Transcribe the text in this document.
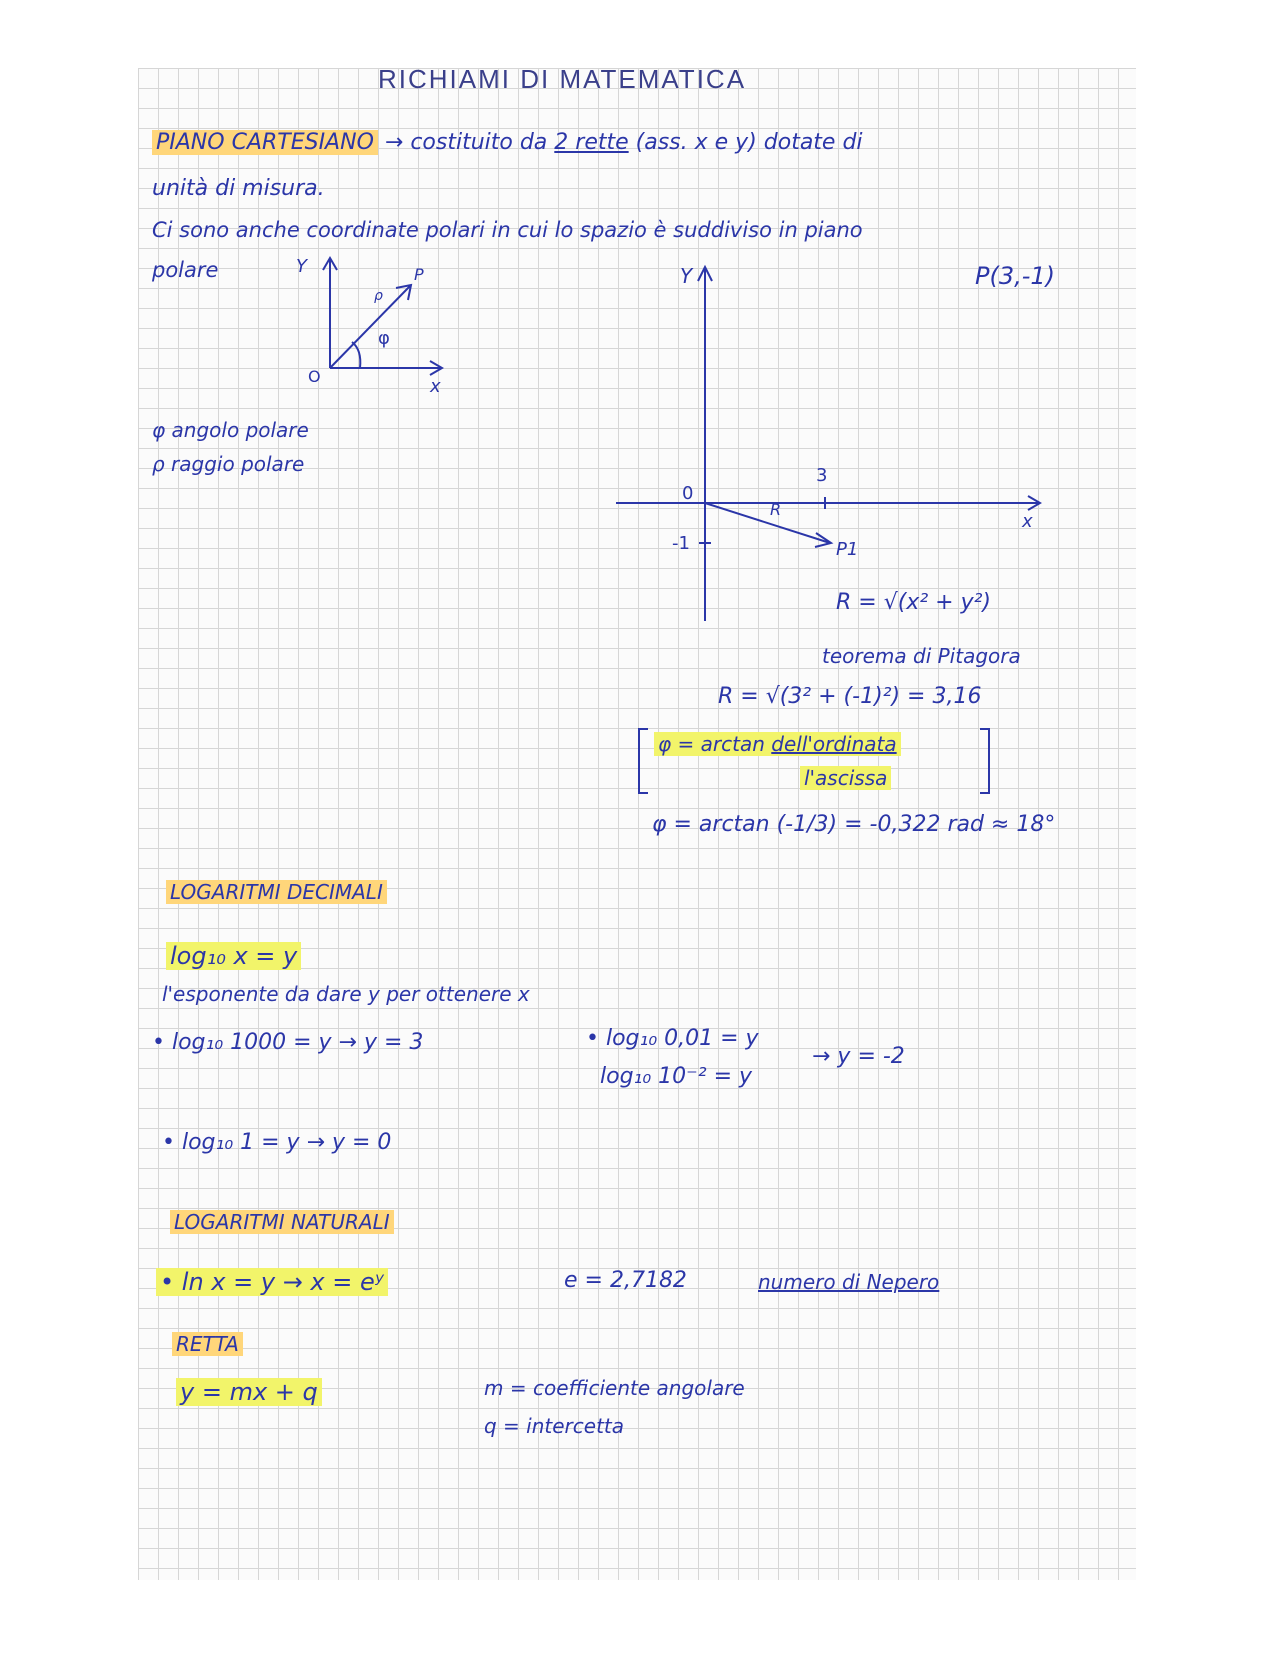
RICHIAMI DI MATEMATICA
PIANO CARTESIANO → costituito da 2 rette (ass. x e y) dotate di
unità di misura.
Ci sono anche coordinate polari in cui lo spazio è suddiviso in piano
polare	Y
x
O
P
ρ
φ
φ angolo polare
ρ raggio polare
P(3,-1)
Y
x
0
3
-1
R
P1
R = √(x² + y²)
teorema di Pitagora
R = √(3² + (-1)²) = 3,16
φ = arctan dell'ordinata
l'ascissa
φ = arctan (-1/3) = -0,322 rad ≈ 18°
LOGARITMI DECIMALI
log₁₀ x = y
l'esponente da dare y per ottenere x
• log₁₀ 1000 = y → y = 3	• log₁₀ 0,01 = y
log₁₀ 10⁻² = y
→ y = -2
• log₁₀ 1 = y → y = 0
LOGARITMI NATURALI
• ln x = y → x = eʸ	e = 2,7182	numero di Nepero
RETTA
y = mx + q	m = coefficiente angolare
q = intercetta
